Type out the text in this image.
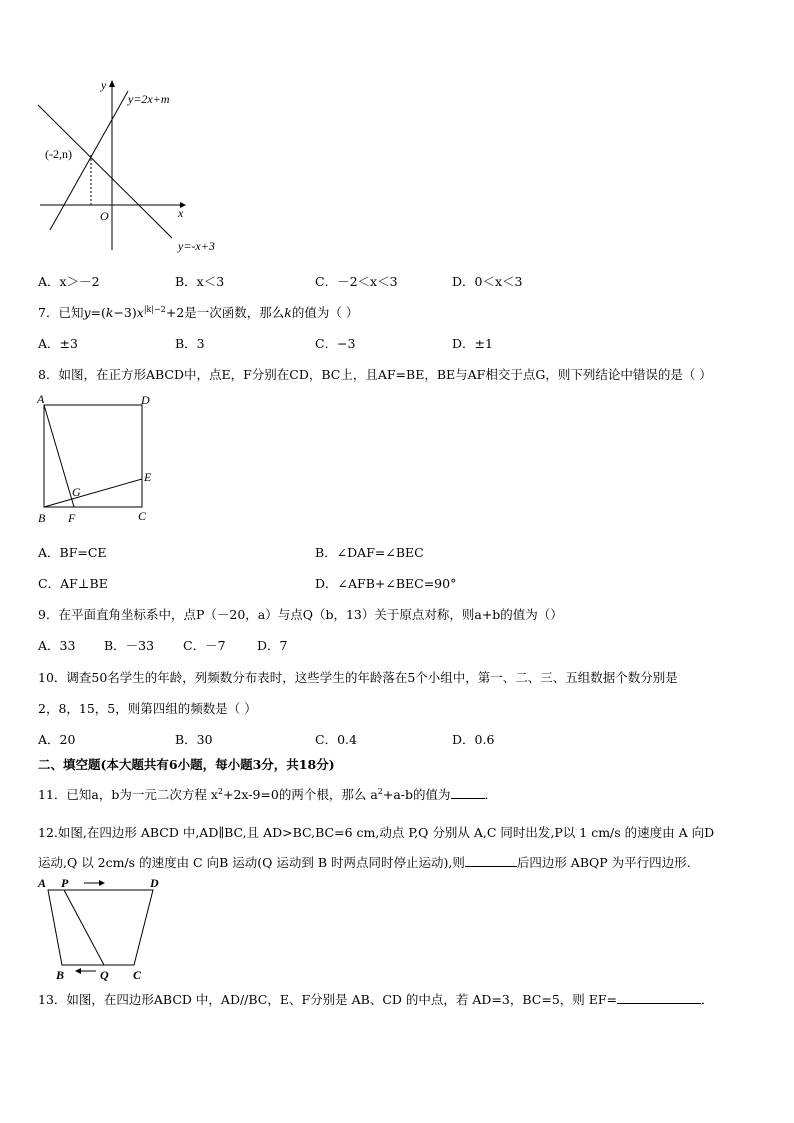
y
x
O
y=2x+m
y=-x+3
(-2,n)
A．x＞－2	B．x＜3	C．－2＜x＜3	D．0＜x＜3
7．已知$y=(k-3)x^{|k|-2}+2$是一次函数，那么k的值为（ ）
A．±3	B．3	C．−3	D．±1
8．如图，在正方形ABCD中，点E，F分别在CD，BC上，且AF=BE，BE与AF相交于点G，则下列结论中错误的是（ ）
A	D
E
G
B F	C
A．BF=CE	B．∠DAF=∠BEC
C．AF⊥BE	D．∠AFB+∠BEC=90°
9．在平面直角坐标系中，点P（－20，a）与点Q（b，13）关于原点对称，则a+b的值为（）
A．33 B．－33 C．－7	D．7
10．调查50名学生的年龄，列频数分布表时，这些学生的年龄落在5个小组中，第一、二、三、五组数据个数分别是
2，8，15，5，则第四组的频数是（ ）
A．20	B．30	C．0.4	D．0.6
二、填空题(本大题共有6小题，每小题3分，共18分)
11．已知a，b为一元二次方程 $x^2+2x-9=0$的两个根，那么 $a^2+a-b$的值为	．
12.如图,在四边形 ABCD 中,AD∥BC,且 AD>BC,BC=6 cm,动点 P,Q 分别从 A,C 同时出发,P以 1 cm/s 的速度由 A 向D
运动,Q 以 2cm/s 的速度由 C 向B 运动(Q 运动到 B 时两点同时停止运动),则	后四边形 ABQP 为平行四边形.
A P	D
B	Q C
13．如图，在四边形ABCD 中，AD//BC，E、F分别是 AB、CD 的中点，若 AD=3，BC=5，则 EF=	．
